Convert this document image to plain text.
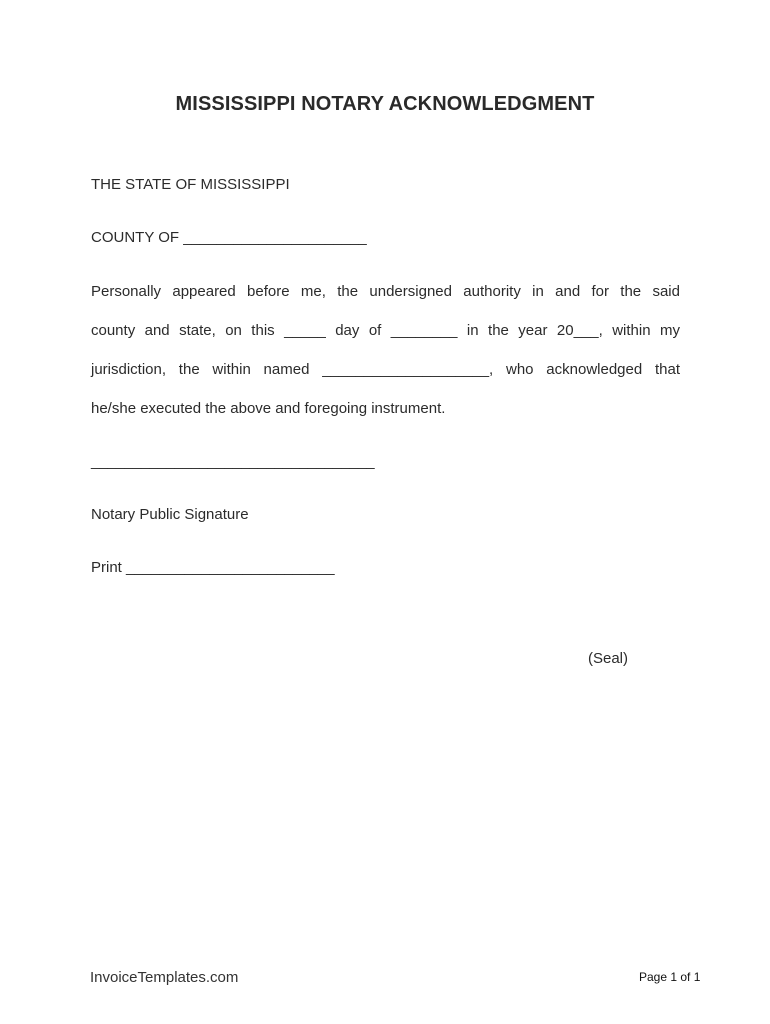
MISSISSIPPI NOTARY ACKNOWLEDGMENT

THE STATE OF MISSISSIPPI

COUNTY OF ______________________

Personally appeared before me, the undersigned authority in and for the said

county and state, on this _____ day of ________ in the year 20___, within my

jurisdiction, the within named ____________________, who acknowledged that

he/she executed the above and foregoing instrument.

__________________________________

Notary Public Signature

Print _________________________

(Seal)
InvoiceTemplates.com	Page 1 of 1
